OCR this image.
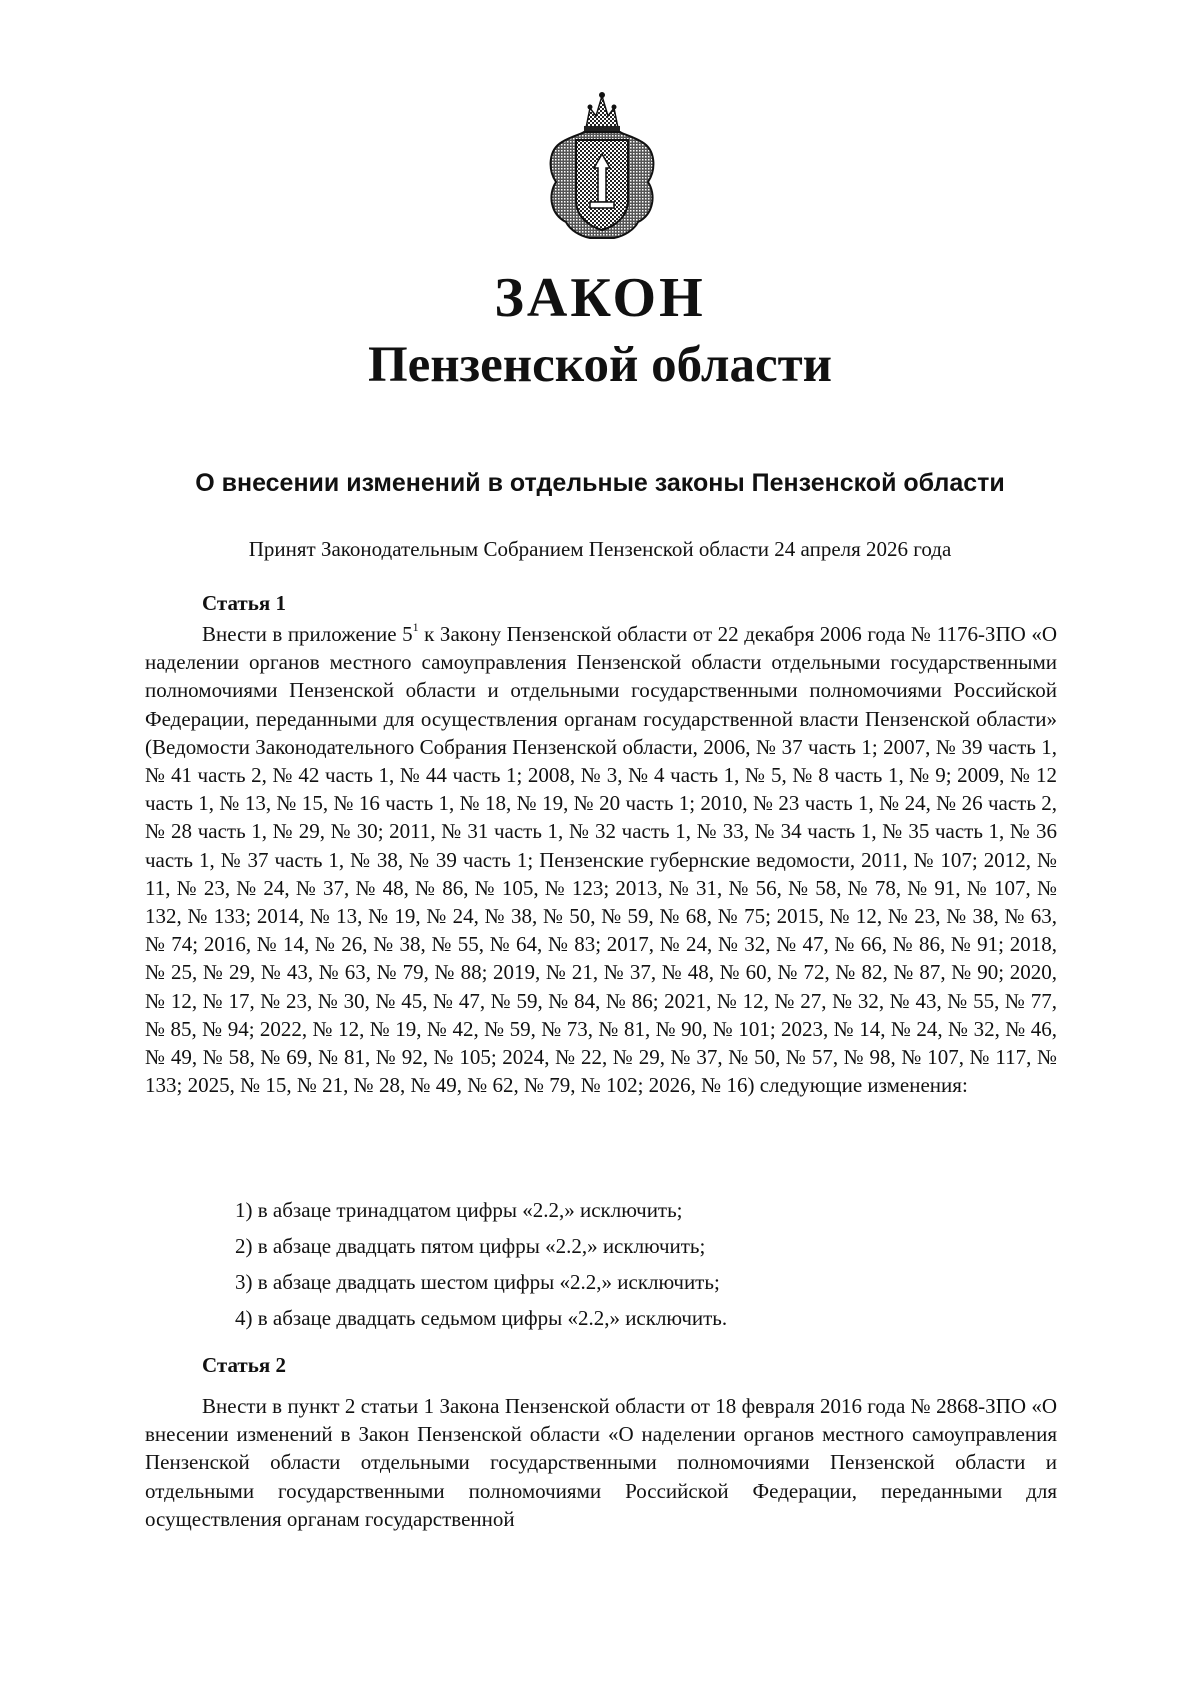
ЗАКОН
Пензенской области
О внесении изменений в отдельные законы Пензенской области
Принят Законодательным Собранием Пензенской области 24 апреля 2026 года
Статья 1
Внести в приложение $5^1$ к Закону Пензенской области от 22 декабря 2006 года № 1176-ЗПО «О наделении органов местного самоуправления Пензенской области отдельными государственными полномочиями Пензенской области и отдельными государственными полномочиями Российской Федерации, переданными для осуществления органам государственной власти Пензенской области» (Ведомости Законодательного Собрания Пензенской области, 2006, № 37 часть 1; 2007, № 39 часть 1, № 41 часть 2, № 42 часть 1, № 44 часть 1; 2008, № 3, № 4 часть 1, № 5, № 8 часть 1, № 9; 2009, № 12 часть 1, № 13, № 15, № 16 часть 1, № 18, № 19, № 20 часть 1; 2010, № 23 часть 1, № 24, № 26 часть 2, № 28 часть 1, № 29, № 30; 2011, № 31 часть 1, № 32 часть 1, № 33, № 34 часть 1, № 35 часть 1, № 36 часть 1, № 37 часть 1, № 38, № 39 часть 1; Пензенские губернские ведомости, 2011, № 107; 2012, № 11, № 23, № 24, № 37, № 48, № 86, № 105, № 123; 2013, № 31, № 56, № 58, № 78, № 91, № 107, № 132, № 133; 2014, № 13, № 19, № 24, № 38, № 50, № 59, № 68, № 75; 2015, № 12, № 23, № 38, № 63, № 74; 2016, № 14, № 26, № 38, № 55, № 64, № 83; 2017, № 24, № 32, № 47, № 66, № 86, № 91; 2018, № 25, № 29, № 43, № 63, № 79, № 88; 2019, № 21, № 37, № 48, № 60, № 72, № 82, № 87, № 90; 2020, № 12, № 17, № 23, № 30, № 45, № 47, № 59, № 84, № 86; 2021, № 12, № 27, № 32, № 43, № 55, № 77, № 85, № 94; 2022, № 12, № 19, № 42, № 59, № 73, № 81, № 90, № 101; 2023, № 14, № 24, № 32, № 46, № 49, № 58, № 69, № 81, № 92, № 105; 2024, № 22, № 29, № 37, № 50, № 57, № 98, № 107, № 117, № 133; 2025, № 15, № 21, № 28, № 49, № 62, № 79, № 102; 2026, № 16) следующие изменения:
1) в абзаце тринадцатом цифры «2.2,» исключить;
2) в абзаце двадцать пятом цифры «2.2,» исключить;
3) в абзаце двадцать шестом цифры «2.2,» исключить;
4) в абзаце двадцать седьмом цифры «2.2,» исключить.
Статья 2
Внести в пункт 2 статьи 1 Закона Пензенской области от 18 февраля 2016 года № 2868-ЗПО «О внесении изменений в Закон Пензенской области «О наделении органов местного самоуправления Пензенской области отдельными государственными полномочиями Пензенской области и отдельными государственными полномочиями Российской Федерации, переданными для осуществления органам государственной
